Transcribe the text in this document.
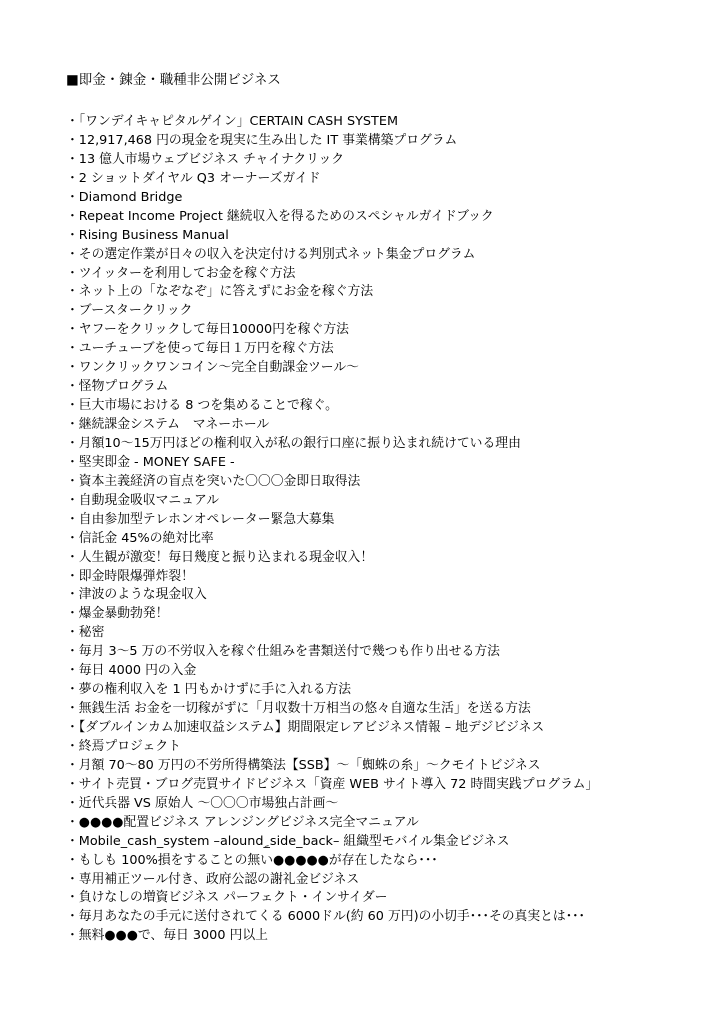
■即金・錬金・職種非公開ビジネス
・「ワンデイキャピタルゲイン」CERTAIN CASH SYSTEM
・12,917,468 円の現金を現実に生み出した IT 事業構築プログラム
・13 億人市場ウェブビジネス チャイナクリック
・2 ショットダイヤル Q3 オーナーズガイド
・Diamond Bridge
・Repeat Income Project 継続収入を得るためのスペシャルガイドブック
・Rising Business Manual
・その選定作業が日々の収入を決定付ける判別式ネット集金プログラム
・ツイッターを利用してお金を稼ぐ方法
・ネット上の「なぞなぞ」に答えずにお金を稼ぐ方法
・ブースタークリック
・ヤフーをクリックして毎日10000円を稼ぐ方法
・ユーチューブを使って毎日１万円を稼ぐ方法
・ワンクリックワンコイン～完全自動課金ツール～
・怪物プログラム
・巨大市場における 8 つを集めることで稼ぐ。
・継続課金システム　マネーホール
・月額10～15万円ほどの権利収入が私の銀行口座に振り込まれ続けている理由
・堅実即金 - MONEY SAFE -
・資本主義経済の盲点を突いた〇〇〇金即日取得法
・自動現金吸収マニュアル
・自由参加型テレホンオペレーター緊急大募集
・信託金 45%の絶対比率
・人生観が激変！毎日幾度と振り込まれる現金収入！
・即金時限爆弾炸裂！
・津波のような現金収入
・爆金暴動勃発！
・秘密
・毎月 3～5 万の不労収入を稼ぐ仕組みを書類送付で幾つも作り出せる方法
・毎日 4000 円の入金
・夢の権利収入を 1 円もかけずに手に入れる方法
・無銭生活 お金を一切稼がずに「月収数十万相当の悠々自適な生活」を送る方法
・【ダブルインカム加速収益システム】期間限定レアビジネス情報 – 地デジビジネス
・終焉プロジェクト
・月額 70～80 万円の不労所得構築法【SSB】～「蜘蛛の糸」～クモイトビジネス
・サイト売買・ブログ売買サイドビジネス「資産 WEB サイト導入 72 時間実践プログラム」
・近代兵器 VS 原始人 ～〇〇〇市場独占計画～
・●●●●配置ビジネス アレンジングビジネス完全マニュアル
・Mobile_cash_system –aloundِ_side_back– 組織型モバイル集金ビジネス
・もしも 100%損をすることの無い●●●●●が存在したなら･･･
・専用補正ツール付き、政府公認の謝礼金ビジネス
・負けなしの増資ビジネス パーフェクト・インサイダー
・毎月あなたの手元に送付されてくる 6000ドル(約 60 万円)の小切手･･･その真実とは･･･
・無料●●●で、毎日 3000 円以上
